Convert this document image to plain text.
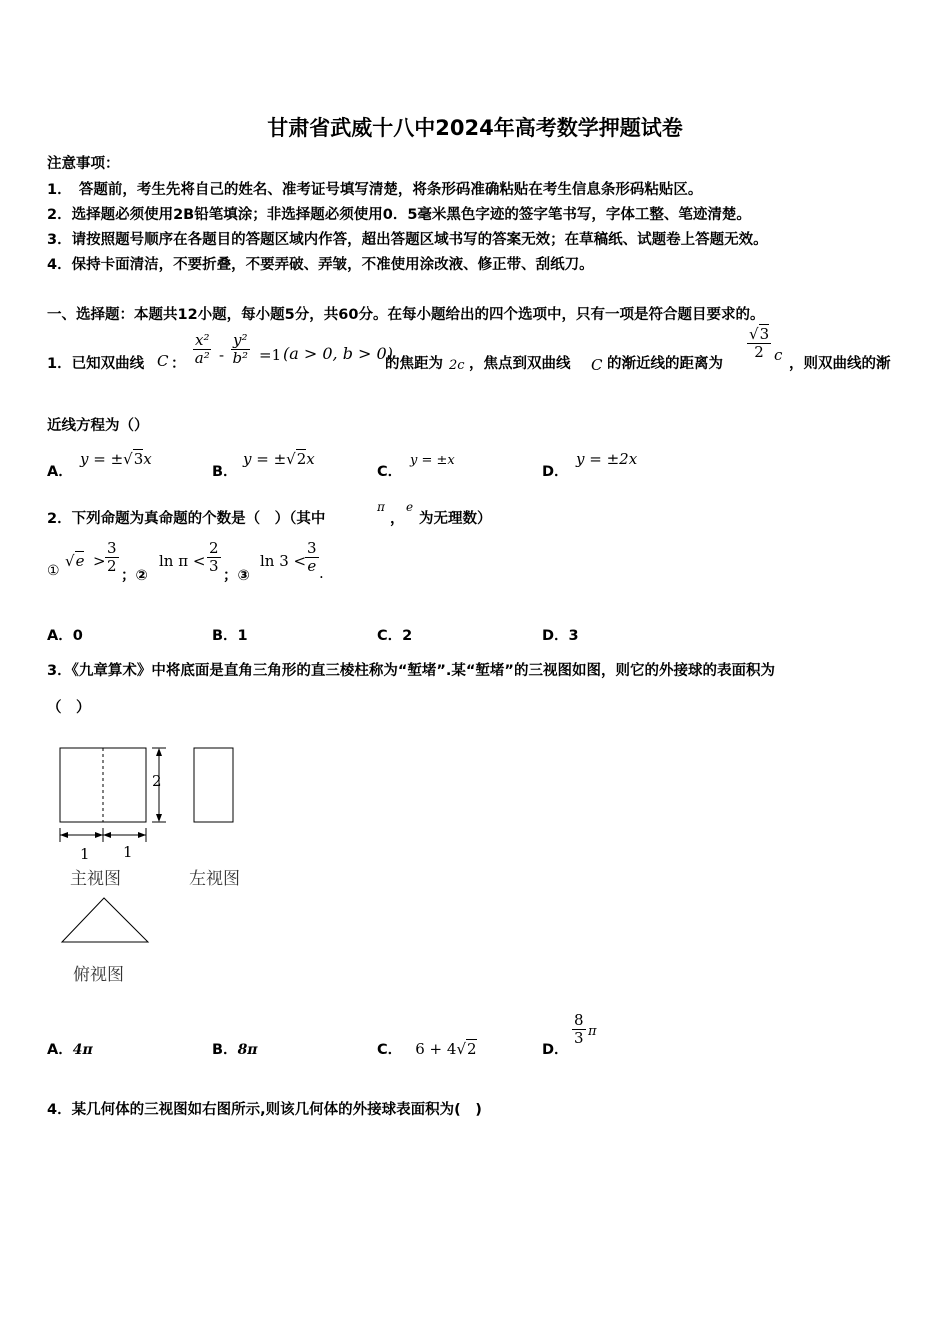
甘肃省武威十八中2024年高考数学押题试卷
注意事项：
1．　答题前，考生先将自己的姓名、准考证号填写清楚，将条形码准确粘贴在考生信息条形码粘贴区。
2．选择题必须使用2B铅笔填涂；非选择题必须使用0．5毫米黑色字迹的签字笔书写，字体工整、笔迹清楚。
3．请按照题号顺序在各题目的答题区域内作答，超出答题区域书写的答案无效；在草稿纸、试题卷上答题无效。
4．保持卡面清洁，不要折叠，不要弄破、弄皱，不准使用涂改液、修正带、刮纸刀。
一、选择题：本题共12小题，每小题5分，共60分。在每小题给出的四个选项中，只有一项是符合题目要求的。
1．已知双曲线 C ： $\frac{\text{x²}}{\text{a²}} - \frac{\text{y²}}{\text{b²}} =1$ (a > 0, b > 0)
的焦距为 2c ，焦点到双曲线 C 的渐近线的距离为
$\frac{√3}{2}$ c ，则双曲线的渐
近线方程为（）
A．
y = ±√3x
B．
y = ±√2x
C．
y = ±x
D．
y = ±2x
2．下列命题为真命题的个数是（　）（其中
π
，
e
为无理数）
①
$√e > \frac{3}{2}$
；②
$\ln \pi < \frac{2}{3}$
；③
ln 3 <
$\frac{3}{e}$ .
A．0	B．1	C．2	D．3
3．《九章算术》中将底面是直角三角形的直三棱柱称为“堑堵”.某“堑堵”的三视图如图，则它的外接球的表面积为
（　）
2
1 1
主视图	左视图
俯视图
A．4π	B．8π	C． 6 + 4√2	D．
$\frac{8}{3}$ π
4．某几何体的三视图如右图所示,则该几何体的外接球表面积为(　)
